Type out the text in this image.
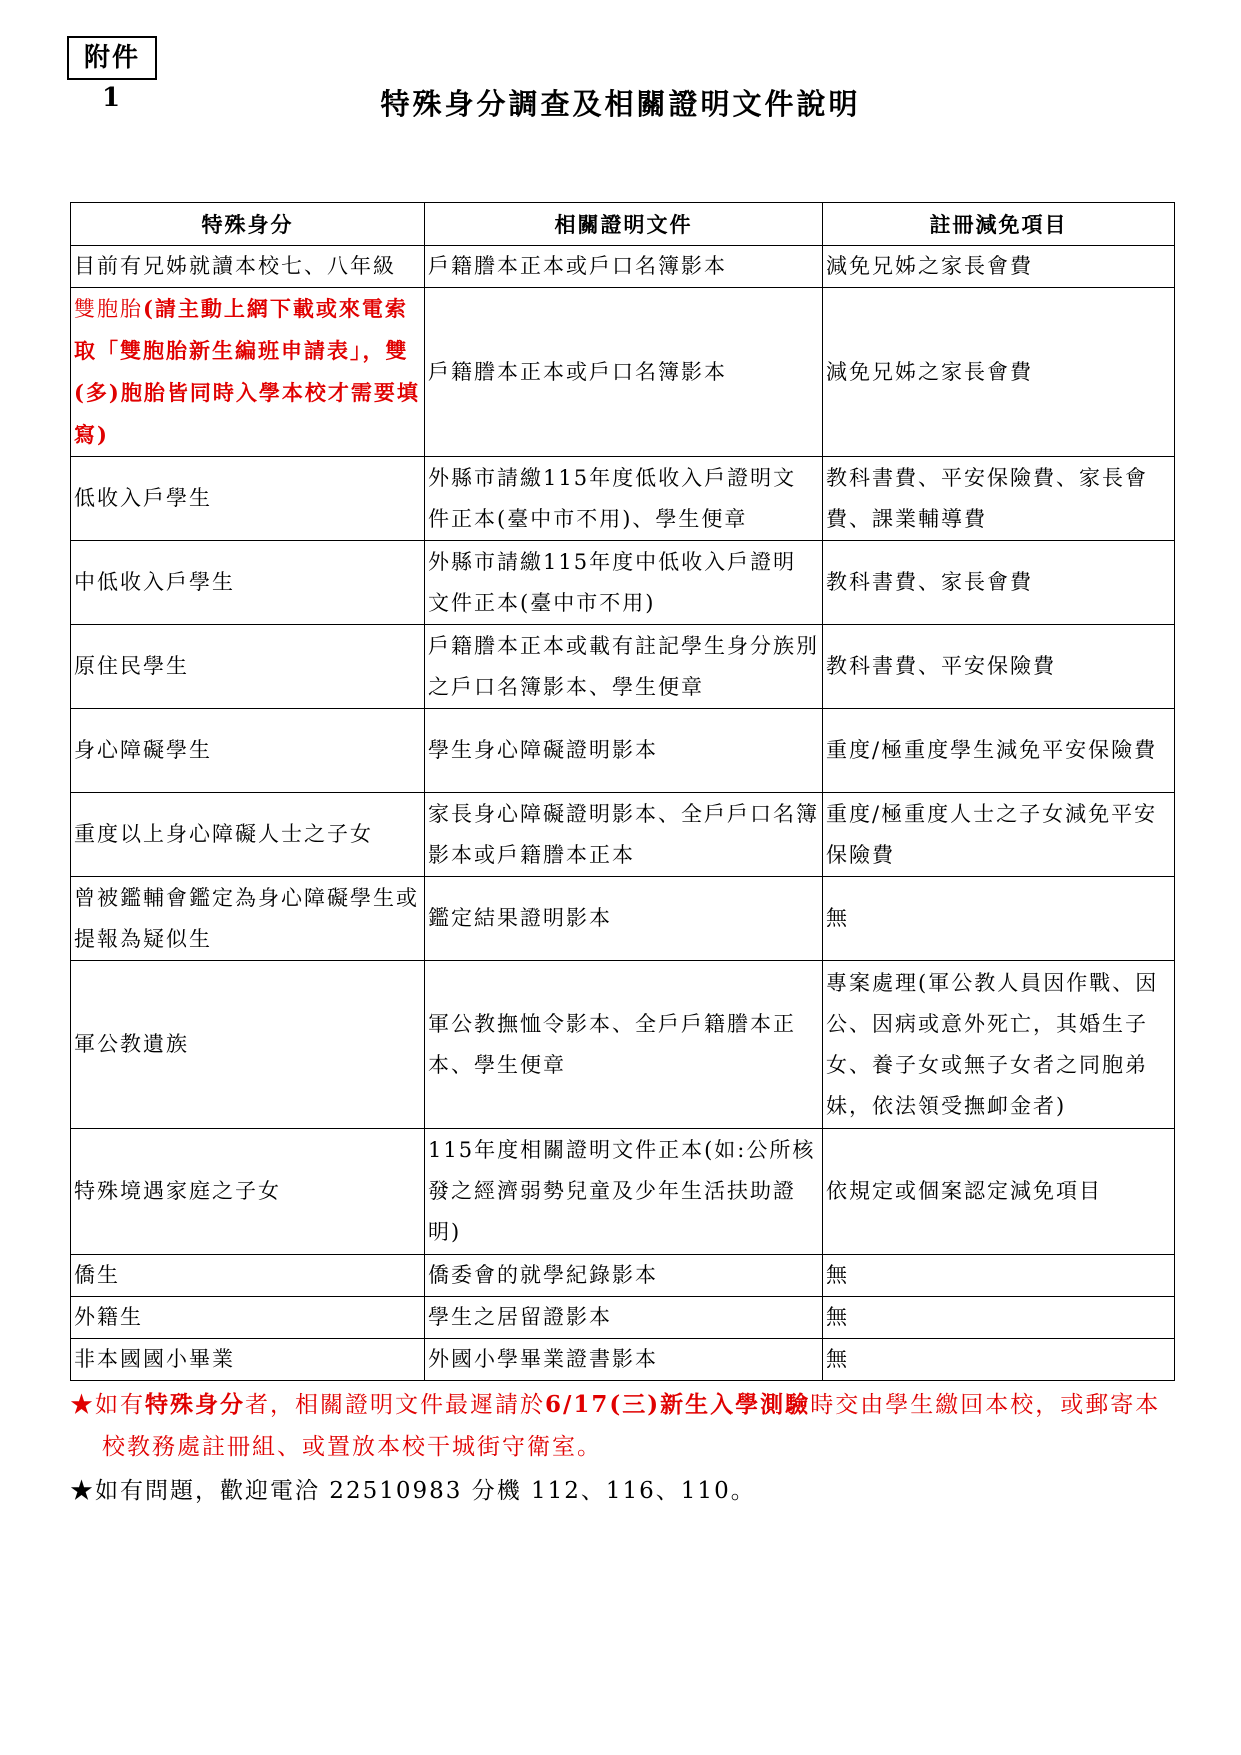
附件 1	特殊身分調查及相關證明文件說明
特殊身分	相關證明文件	註冊減免項目
目前有兄姊就讀本校七、八年級	戶籍謄本正本或戶口名簿影本	減免兄姊之家長會費
雙胞胎(請主動上網下載或來電索取「雙胞胎新生編班申請表」，雙(多)胞胎皆同時入學本校才需要填寫)	戶籍謄本正本或戶口名簿影本	減免兄姊之家長會費
低收入戶學生	外縣市請繳115年度低收入戶證明文件正本(臺中市不用)、學生便章	教科書費、平安保險費、家長會費、課業輔導費
中低收入戶學生	外縣市請繳115年度中低收入戶證明文件正本(臺中市不用)	教科書費、家長會費
原住民學生	戶籍謄本正本或載有註記學生身分族別之戶口名簿影本、學生便章	教科書費、平安保險費
身心障礙學生	學生身心障礙證明影本	重度/極重度學生減免平安保險費
重度以上身心障礙人士之子女	家長身心障礙證明影本、全戶戶口名簿影本或戶籍謄本正本	重度/極重度人士之子女減免平安保險費
曾被鑑輔會鑑定為身心障礙學生或提報為疑似生	鑑定結果證明影本	無
軍公教遺族	軍公教撫恤令影本、全戶戶籍謄本正本、學生便章	專案處理(軍公教人員因作戰、因公、因病或意外死亡，其婚生子女、養子女或無子女者之同胞弟妹，依法領受撫卹金者)
特殊境遇家庭之子女	115年度相關證明文件正本(如:公所核發之經濟弱勢兒童及少年生活扶助證明)	依規定或個案認定減免項目
僑生	僑委會的就學紀錄影本	無
外籍生	學生之居留證影本	無
非本國國小畢業	外國小學畢業證書影本	無

★如有特殊身分者，相關證明文件最遲請於6/17(三)新生入學測驗時交由學生繳回本校，或郵寄本校教務處註冊組、或置放本校干城街守衛室。

★如有問題，歡迎電洽 22510983 分機 112、116、110。
